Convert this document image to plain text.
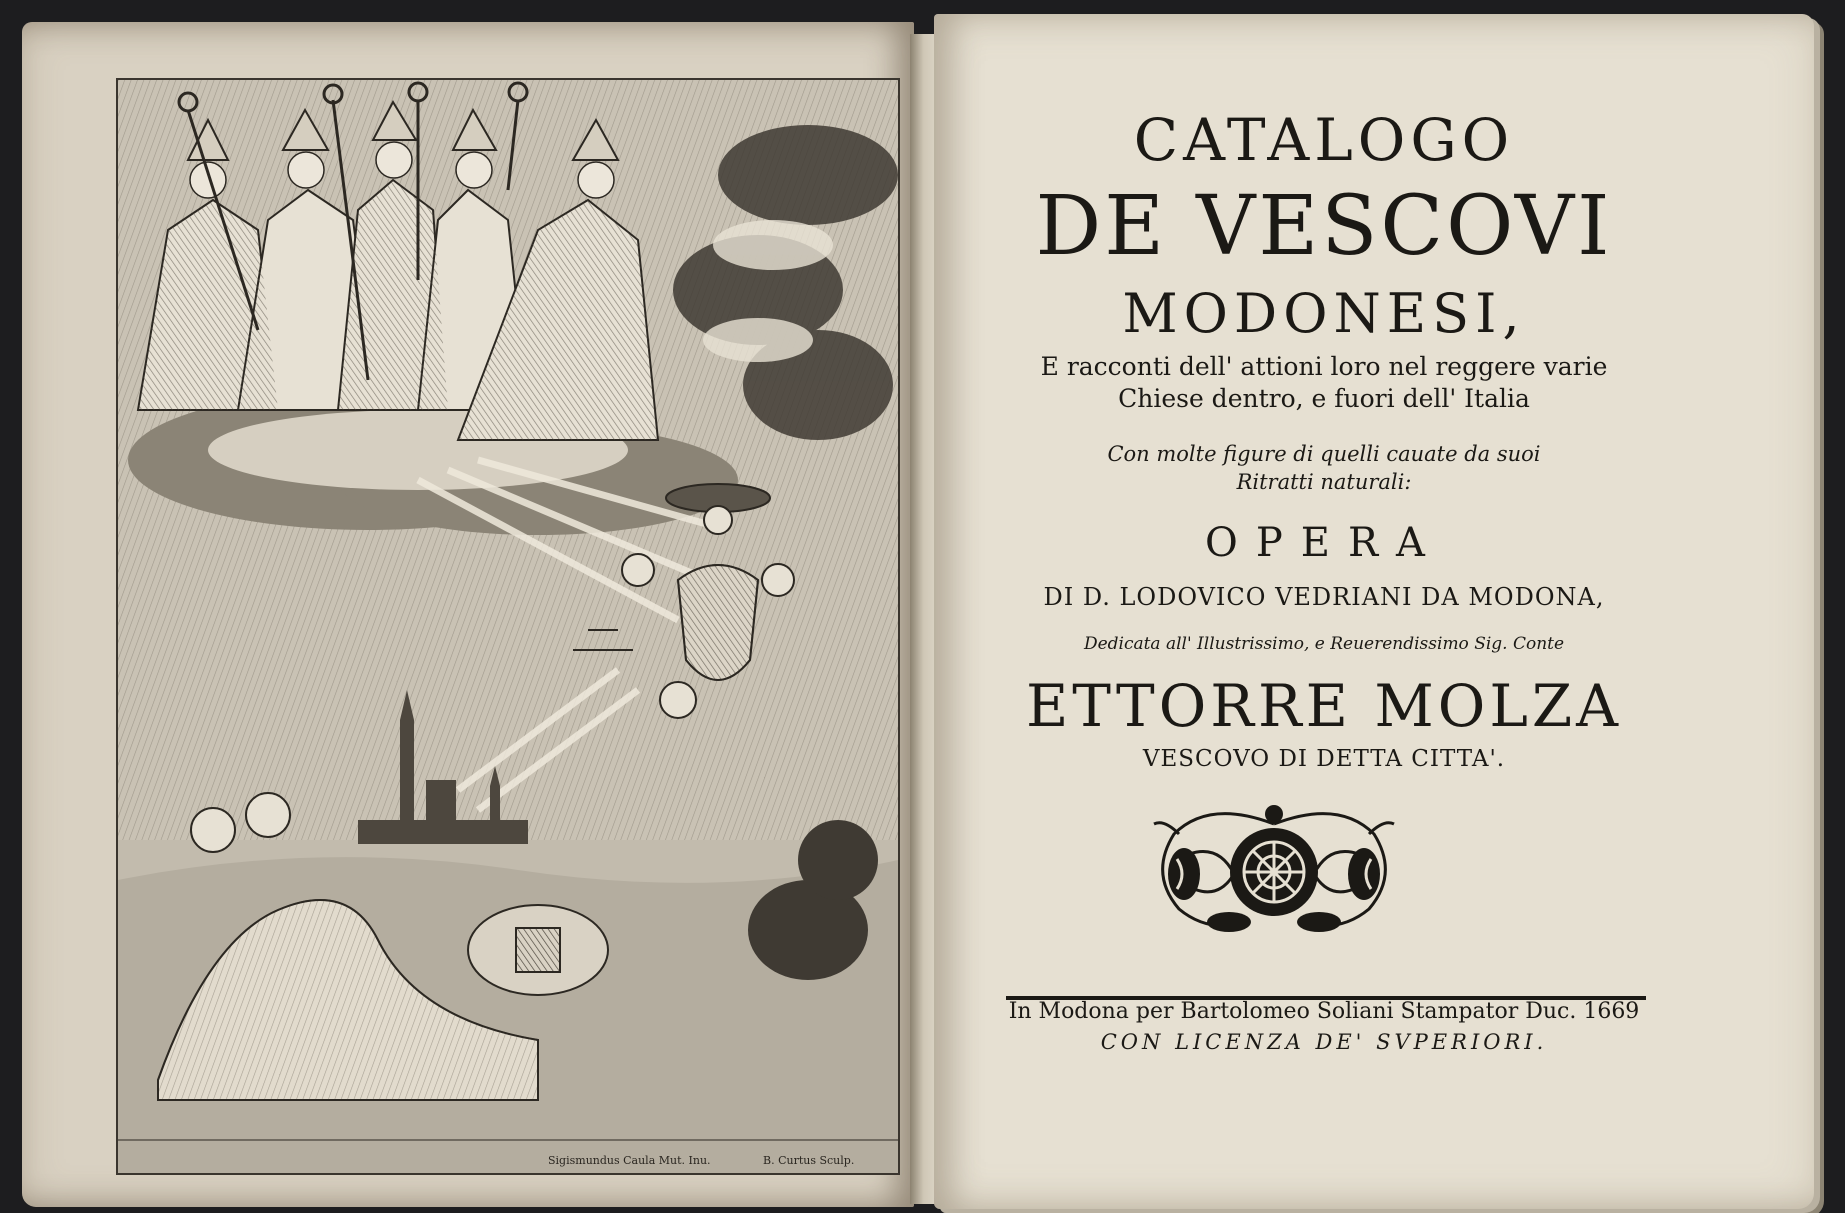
Sigismundus Caula Mut. Inu.	B. Curtus Sculp.
CATALOGO
DE VESCOVI
MODONESI,
E racconti dell' attioni loro nel reggere varie
Chiese dentro, e fuori dell' Italia
Con molte figure di quelli cauate da suoi
Ritratti naturali:
OPERA
DI D. LODOVICO VEDRIANI DA MODONA,
Dedicata all' Illustrissimo, e Reuerendissimo Sig. Conte
ETTORRE MOLZA
VESCOVO DI DETTA CITTA'.
In Modona per Bartolomeo Soliani Stampator Duc. 1669
CON LICENZA DE' SVPERIORI.
